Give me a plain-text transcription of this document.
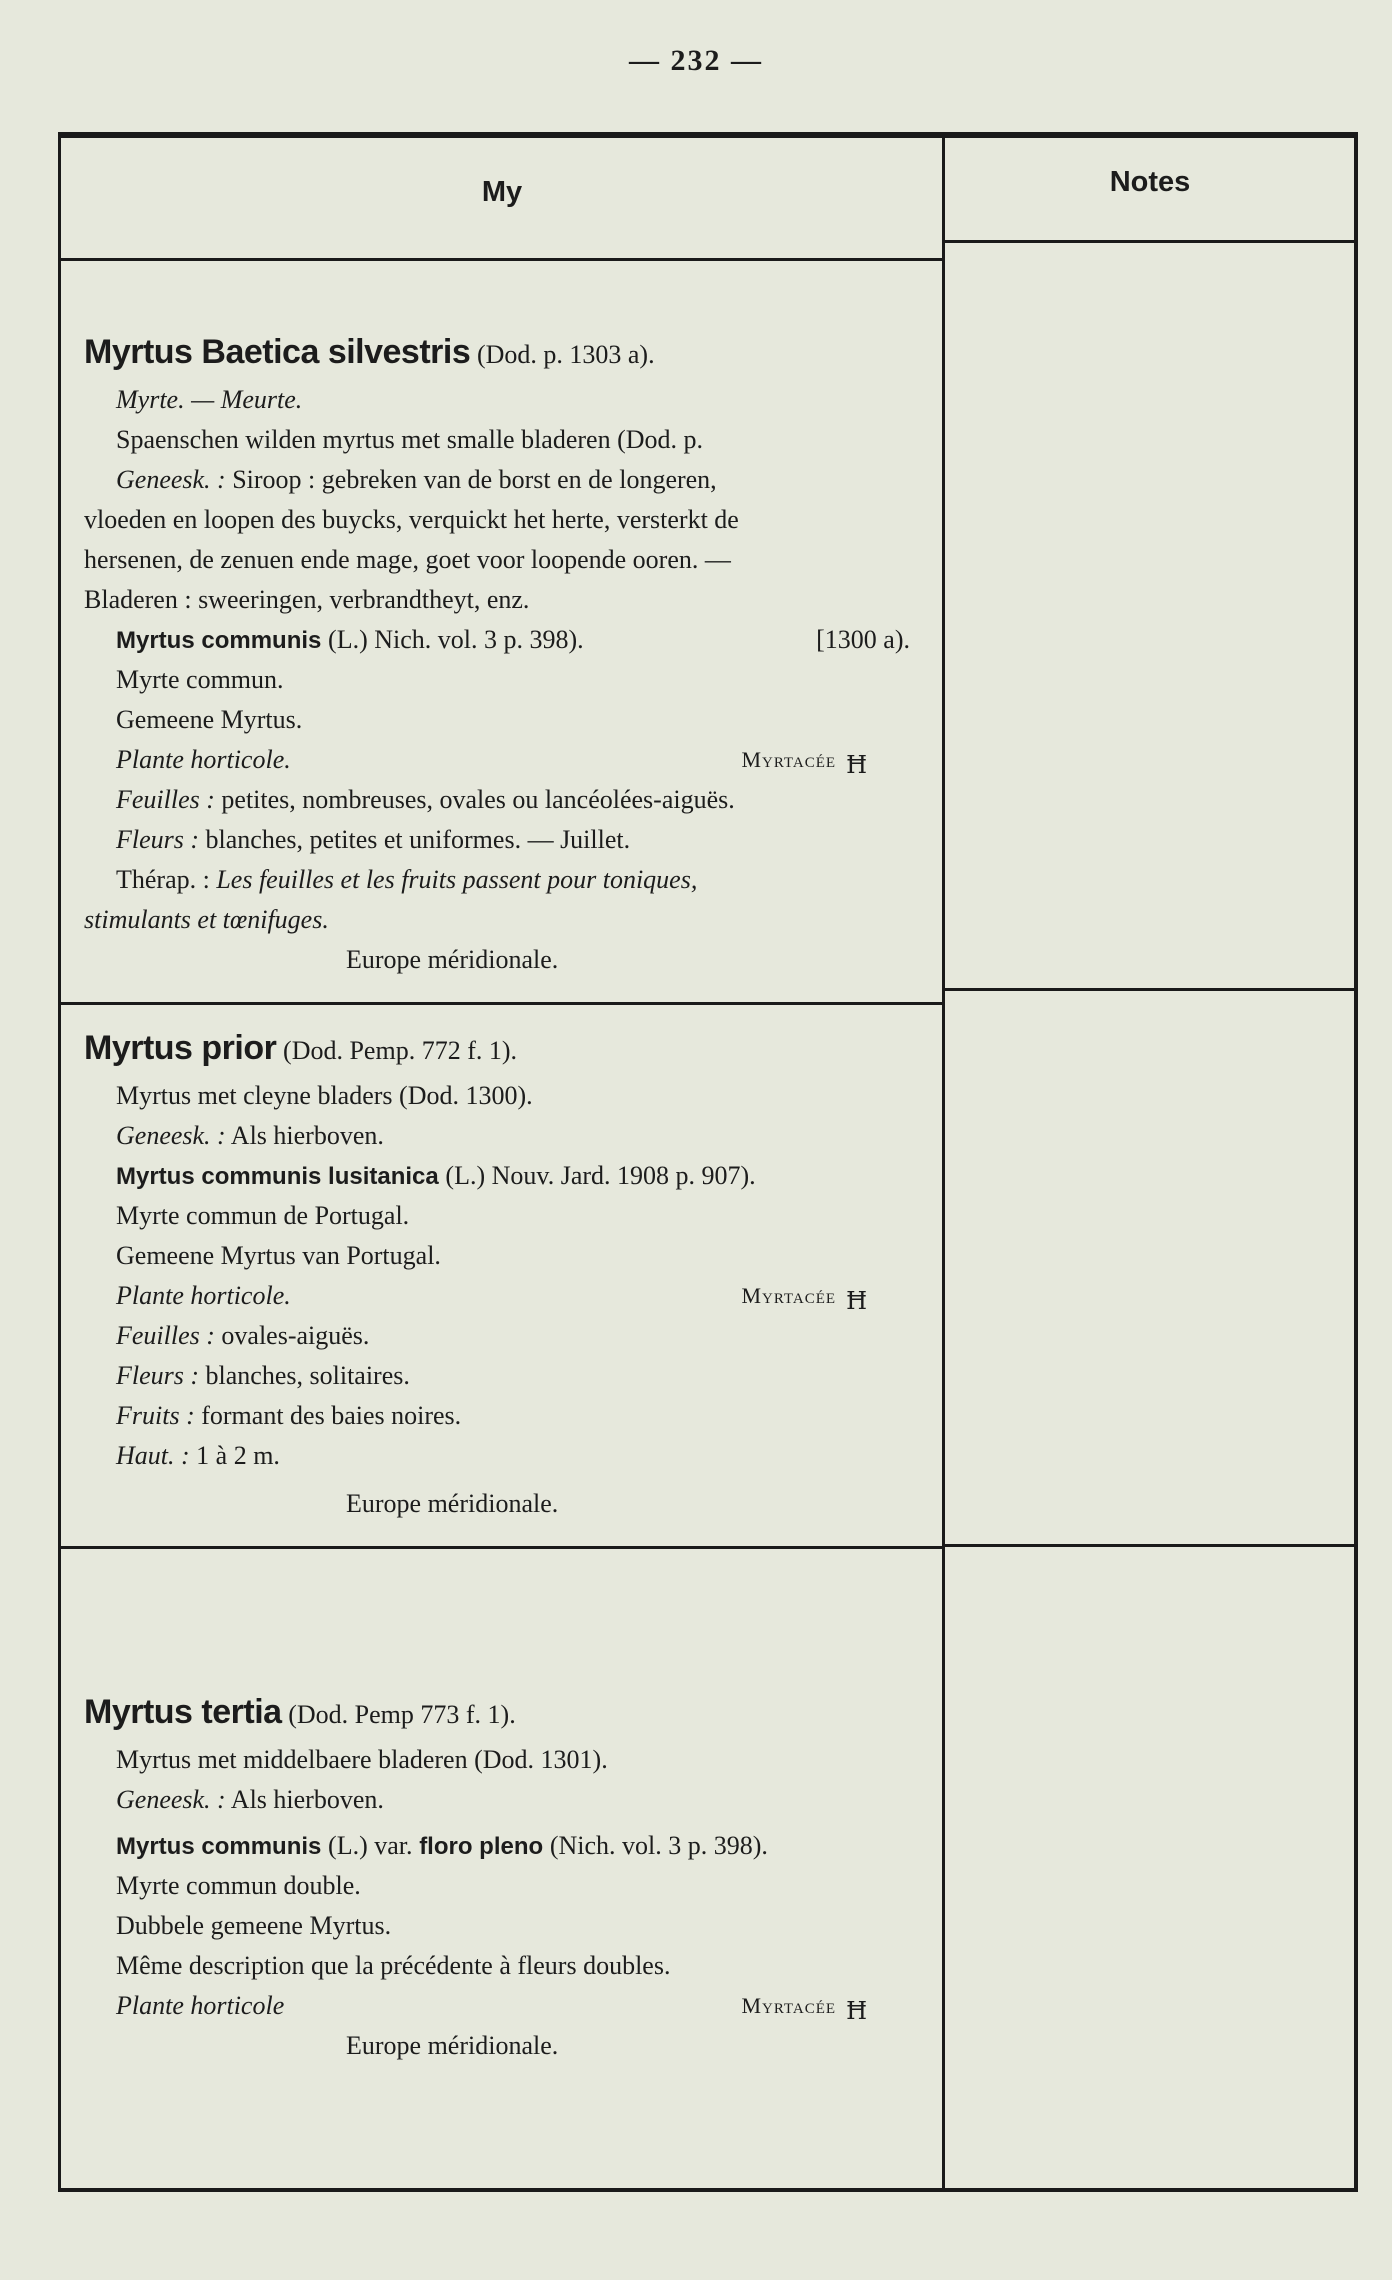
— 232 —
My	Notes
Myrtus Baetica silvestris (Dod. p. 1303 a).
Myrte. — Meurte.
Spaenschen wilden myrtus met smalle bladeren (Dod. p.
Geneesk. : Siroop : gebreken van de borst en de longeren,
vloeden en loopen des buycks, verquickt het herte, versterkt de
hersenen, de zenuen ende mage, goet voor loopende ooren. —
Bladeren : sweeringen, verbrandtheyt, enz.
Myrtus communis (L.) Nich. vol. 3 p. 398).	[1300 a).
Myrte commun.
Gemeene Myrtus.
Plante horticole.	Myrtacée ħ
Feuilles : petites, nombreuses, ovales ou lancéolées-aiguës.
Fleurs : blanches, petites et uniformes. — Juillet.
Thérap. : Les feuilles et les fruits passent pour toniques,
stimulants et tœnifuges.
Europe méridionale.
Myrtus prior (Dod. Pemp. 772 f. 1).
Myrtus met cleyne bladers (Dod. 1300).
Geneesk. : Als hierboven.
Myrtus communis lusitanica (L.) Nouv. Jard. 1908 p. 907).
Myrte commun de Portugal.
Gemeene Myrtus van Portugal.
Plante horticole.	Myrtacée ħ
Feuilles : ovales-aiguës.
Fleurs : blanches, solitaires.
Fruits : formant des baies noires.
Haut. : 1 à 2 m.
Europe méridionale.
Myrtus tertia (Dod. Pemp 773 f. 1).
Myrtus met middelbaere bladeren (Dod. 1301).
Geneesk. : Als hierboven.
Myrtus communis (L.) var. floro pleno (Nich. vol. 3 p. 398).
Myrte commun double.
Dubbele gemeene Myrtus.
Même description que la précédente à fleurs doubles.
Plante horticole	Myrtacée ħ
Europe méridionale.
